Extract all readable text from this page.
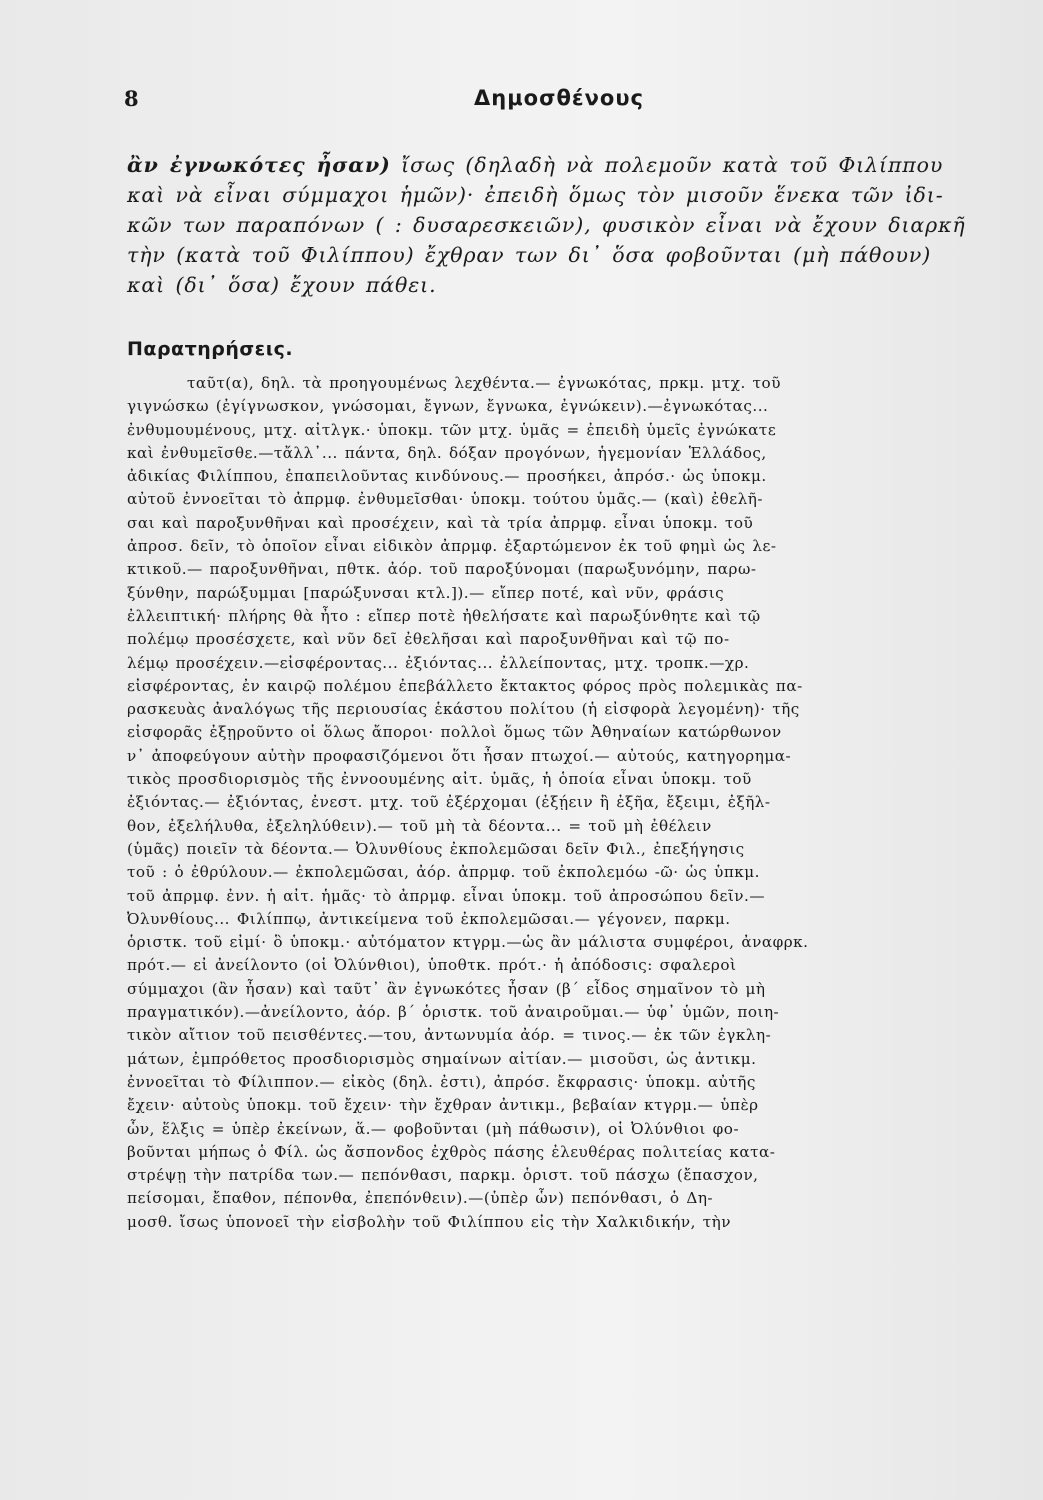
8	Δημοσθένους
ἂν ἐγνωκότες ἦσαν) ἴσως (δηλαδὴ νὰ πολεμοῦν κατὰ τοῦ Φιλίππου
καὶ νὰ εἶναι σύμμαχοι ἡμῶν)· ἐπειδὴ ὅμως τὸν μισοῦν ἕνεκα τῶν ἰδι-
κῶν των παραπόνων ( : δυσαρεσκειῶν), φυσικὸν εἶναι νὰ ἔχουν διαρκῆ
τὴν (κατὰ τοῦ Φιλίππου) ἔχθραν των δι᾽ ὅσα φοβοῦνται (μὴ πάθουν)
καὶ (δι᾽ ὅσα) ἔχουν πάθει.
Παρατηρήσεις.
ταῦτ(α), δηλ. τὰ προηγουμένως λεχθέντα.— ἐγνωκότας, πρκμ. μτχ. τοῦ
γιγνώσκω (ἐγίγνωσκον, γνώσομαι, ἔγνων, ἔγνωκα, ἐγνώκειν).—ἐγνωκότας...
ἐνθυμουμένους, μτχ. αἰτλγκ.· ὑποκμ. τῶν μτχ. ὑμᾶς = ἐπειδὴ ὑμεῖς ἐγνώκατε
καὶ ἐνθυμεῖσθε.—τἄλλ᾽... πάντα, δηλ. δόξαν προγόνων, ἡγεμονίαν Ἑλλάδος,
ἀδικίας Φιλίππου, ἐπαπειλοῦντας κινδύνους.— προσήκει, ἀπρόσ.· ὡς ὑποκμ.
αὐτοῦ ἐννοεῖται τὸ ἀπρμφ. ἐνθυμεῖσθαι· ὑποκμ. τούτου ὑμᾶς.— (καὶ) ἐθελῆ-
σαι καὶ παροξυνθῆναι καὶ προσέχειν, καὶ τὰ τρία ἀπρμφ. εἶναι ὑποκμ. τοῦ
ἀπροσ. δεῖν, τὸ ὁποῖον εἶναι εἰδικὸν ἀπρμφ. ἐξαρτώμενον ἐκ τοῦ φημὶ ὡς λε-
κτικοῦ.— παροξυνθῆναι, πθτκ. ἀόρ. τοῦ παροξύνομαι (παρωξυνόμην, παρω-
ξύνθην, παρώξυμμαι [παρώξυνσαι κτλ.]).— εἴπερ ποτέ, καὶ νῦν, φράσις
ἐλλειπτική· πλήρης θὰ ἦτο : εἴπερ ποτὲ ἠθελήσατε καὶ παρωξύνθητε καὶ τῷ
πολέμῳ προσέσχετε, καὶ νῦν δεῖ ἐθελῆσαι καὶ παροξυνθῆναι καὶ τῷ πο-
λέμῳ προσέχειν.—εἰσφέροντας... ἐξιόντας... ἐλλείποντας, μτχ. τροπκ.—χρ.
εἰσφέροντας, ἐν καιρῷ πολέμου ἐπεβάλλετο ἔκτακτος φόρος πρὸς πολεμικὰς πα-
ρασκευὰς ἀναλόγως τῆς περιουσίας ἑκάστου πολίτου (ἡ εἰσφορὰ λεγομένη)· τῆς
εἰσφορᾶς ἐξῃροῦντο οἱ ὅλως ἄποροι· πολλοὶ ὅμως τῶν Ἀθηναίων κατώρθωνον
ν᾽ ἀποφεύγουν αὐτὴν προφασιζόμενοι ὅτι ἦσαν πτωχοί.— αὐτούς, κατηγορημα-
τικὸς προσδιορισμὸς τῆς ἐννοουμένης αἰτ. ὑμᾶς, ἡ ὁποία εἶναι ὑποκμ. τοῦ
ἐξιόντας.— ἐξιόντας, ἐνεστ. μτχ. τοῦ ἐξέρχομαι (ἐξῄειν ἢ ἐξῆα, ἔξειμι, ἐξῆλ-
θον, ἐξελήλυθα, ἐξεληλύθειν).— τοῦ μὴ τὰ δέοντα... = τοῦ μὴ ἐθέλειν
(ὑμᾶς) ποιεῖν τὰ δέοντα.— Ὀλυνθίους ἐκπολεμῶσαι δεῖν Φιλ., ἐπεξήγησις
τοῦ : ὁ ἐθρύλουν.— ἐκπολεμῶσαι, ἀόρ. ἀπρμφ. τοῦ ἐκπολεμόω -ῶ· ὡς ὑπκμ.
τοῦ ἀπρμφ. ἐνν. ἡ αἰτ. ἡμᾶς· τὸ ἀπρμφ. εἶναι ὑποκμ. τοῦ ἀπροσώπου δεῖν.—
Ὀλυνθίους... Φιλίππῳ, ἀντικείμενα τοῦ ἐκπολεμῶσαι.— γέγονεν, παρκμ.
ὁριστκ. τοῦ εἰμί· ὃ ὑποκμ.· αὐτόματον κτγρμ.—ὡς ἂν μάλιστα συμφέροι, ἀναφρκ.
πρότ.— εἰ ἀνείλοντο (οἱ Ὀλύνθιοι), ὑποθτκ. πρότ.· ἡ ἀπόδοσις: σφαλεροὶ
σύμμαχοι (ἂν ἦσαν) καὶ ταῦτ᾽ ἂν ἐγνωκότες ἦσαν (β´ εἶδος σημαῖνον τὸ μὴ
πραγματικόν).—ἀνείλοντο, ἀόρ. β´ ὁριστκ. τοῦ ἀναιροῦμαι.— ὑφ᾽ ὑμῶν, ποιη-
τικὸν αἴτιον τοῦ πεισθέντες.—του, ἀντωνυμία ἀόρ. = τινος.— ἐκ τῶν ἐγκλη-
μάτων, ἐμπρόθετος προσδιορισμὸς σημαίνων αἰτίαν.— μισοῦσι, ὡς ἀντικμ.
ἐννοεῖται τὸ Φίλιππον.— εἰκὸς (δηλ. ἐστι), ἀπρόσ. ἔκφρασις· ὑποκμ. αὐτῆς
ἔχειν· αὐτοὺς ὑποκμ. τοῦ ἔχειν· τὴν ἔχθραν ἀντικμ., βεβαίαν κτγρμ.— ὑπὲρ
ὧν, ἕλξις = ὑπὲρ ἐκείνων, ἅ.— φοβοῦνται (μὴ πάθωσιν), οἱ Ὀλύνθιοι φο-
βοῦνται μήπως ὁ Φίλ. ὡς ἄσπονδος ἐχθρὸς πάσης ἐλευθέρας πολιτείας κατα-
στρέψῃ τὴν πατρίδα των.— πεπόνθασι, παρκμ. ὁριστ. τοῦ πάσχω (ἔπασχον,
πείσομαι, ἔπαθον, πέπονθα, ἐπεπόνθειν).—(ὑπὲρ ὧν) πεπόνθασι, ὁ Δη-
μοσθ. ἴσως ὑπονοεῖ τὴν εἰσβολὴν τοῦ Φιλίππου εἰς τὴν Χαλκιδικήν, τὴν
